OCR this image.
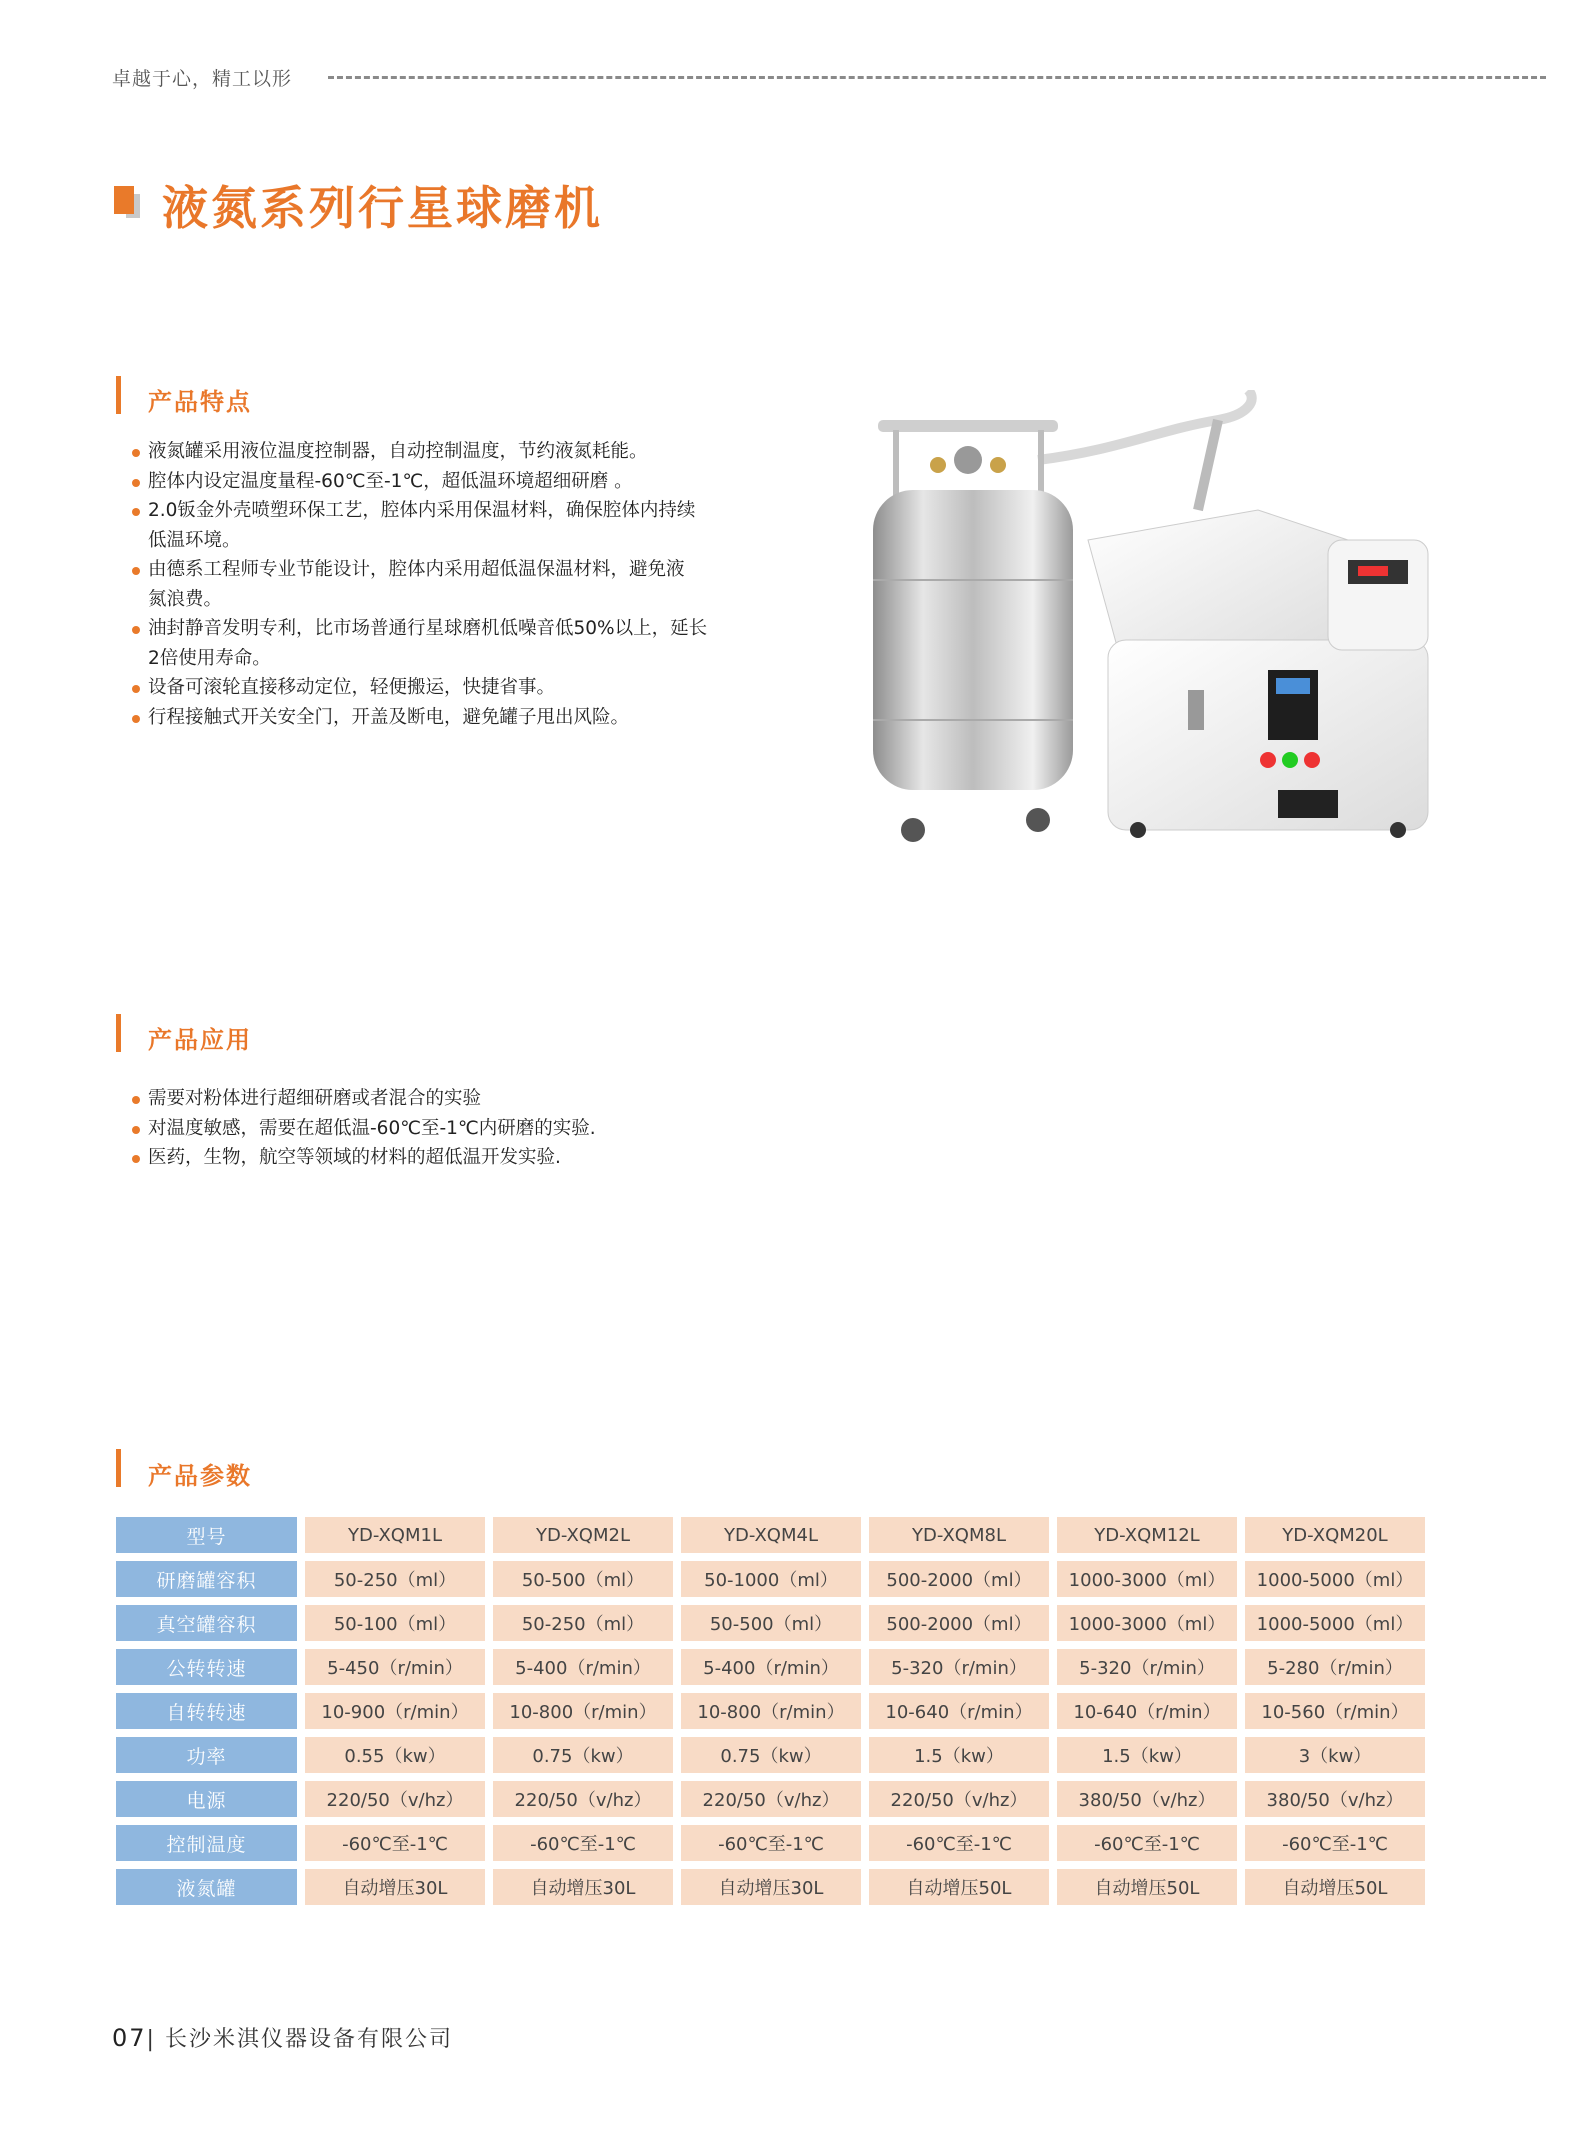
卓越于心，精工以形
液氮系列行星球磨机
产品特点
液氮罐采用液位温度控制器，自动控制温度，节约液氮耗能。
腔体内设定温度量程-60℃至-1℃，超低温环境超细研磨 。
2.0钣金外壳喷塑环保工艺，腔体内采用保温材料，确保腔体内持续
低温环境。
由德系工程师专业节能设计，腔体内采用超低温保温材料，避免液
氮浪费。
油封静音发明专利，比市场普通行星球磨机低噪音低50%以上，延长
2倍使用寿命。
设备可滚轮直接移动定位，轻便搬运，快捷省事。
行程接触式开关安全门，开盖及断电，避免罐子甩出风险。
产品应用
需要对粉体进行超细研磨或者混合的实验
对温度敏感，需要在超低温-60℃至-1℃内研磨的实验.
医药，生物，航空等领域的材料的超低温开发实验.
产品参数
型号	YD-XQM1L	YD-XQM2L	YD-XQM4L	YD-XQM8L	YD-XQM12L	YD-XQM20L
研磨罐容积	50-250（ml）	50-500（ml）	50-1000（ml）	500-2000（ml）	1000-3000（ml）	1000-5000（ml）
真空罐容积	50-100（ml）	50-250（ml）	50-500（ml）	500-2000（ml）	1000-3000（ml）	1000-5000（ml）
公转转速	5-450（r/min）	5-400（r/min）	5-400（r/min）	5-320（r/min）	5-320（r/min）	5-280（r/min）
自转转速	10-900（r/min）	10-800（r/min）	10-800（r/min）	10-640（r/min）	10-640（r/min）	10-560（r/min）
功率	0.55（kw）	0.75（kw）	0.75（kw）	1.5（kw）	1.5（kw）	3（kw）
电源	220/50（v/hz）	220/50（v/hz）	220/50（v/hz）	220/50（v/hz）	380/50（v/hz）	380/50（v/hz）
控制温度	-60℃至-1℃	-60℃至-1℃	-60℃至-1℃	-60℃至-1℃	-60℃至-1℃	-60℃至-1℃
液氮罐	自动增压30L	自动增压30L	自动增压30L	自动增压50L	自动增压50L	自动增压50L
07| 长沙米淇仪器设备有限公司
